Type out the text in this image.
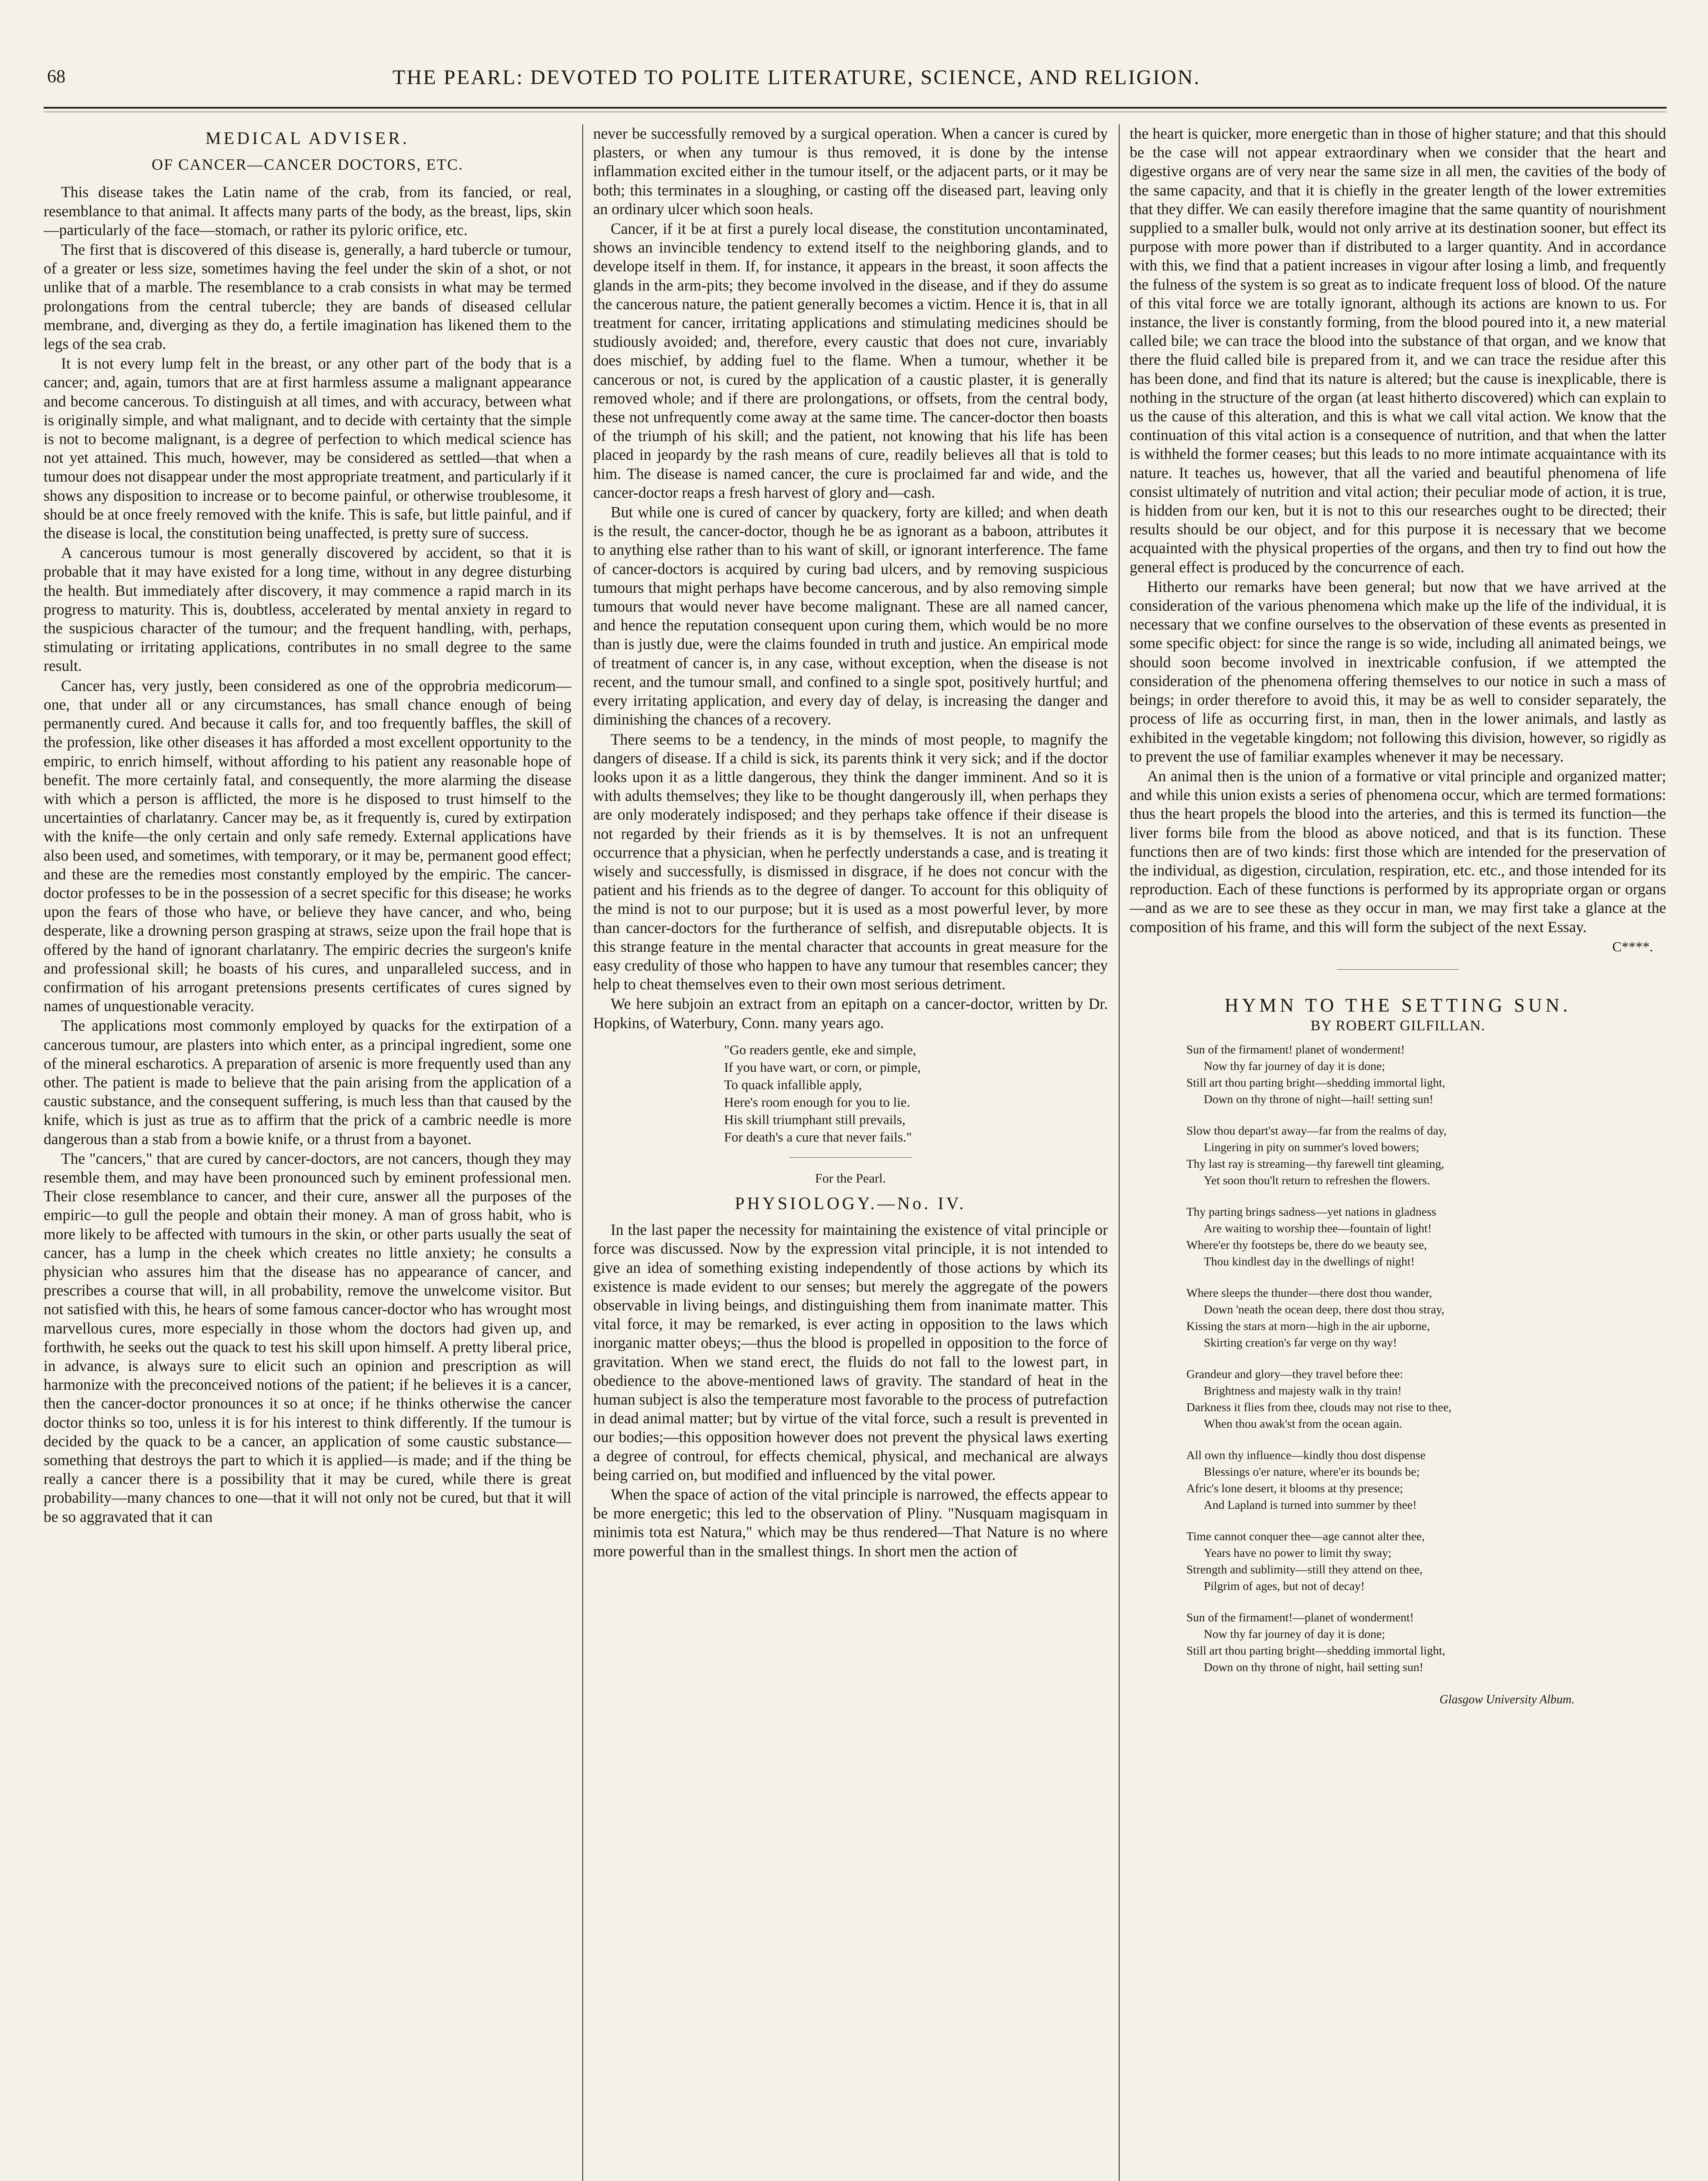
68	THE PEARL: DEVOTED TO POLITE LITERATURE, SCIENCE, AND RELIGION.
MEDICAL ADVISER.
OF CANCER—CANCER DOCTORS, ETC.

This disease takes the Latin name of the crab, from its fancied, or real, resemblance to that animal. It affects many parts of the body, as the breast, lips, skin—particularly of the face—stomach, or rather its pyloric orifice, etc.

The first that is discovered of this disease is, generally, a hard tubercle or tumour, of a greater or less size, sometimes having the feel under the skin of a shot, or not unlike that of a marble. The resemblance to a crab consists in what may be termed prolongations from the central tubercle; they are bands of diseased cellular membrane, and, diverging as they do, a fertile imagination has likened them to the legs of the sea crab.

It is not every lump felt in the breast, or any other part of the body that is a cancer; and, again, tumors that are at first harmless assume a malignant appearance and become cancerous. To distinguish at all times, and with accuracy, between what is originally simple, and what malignant, and to decide with certainty that the simple is not to become malignant, is a degree of perfection to which medical science has not yet attained. This much, however, may be considered as settled—that when a tumour does not disappear under the most appropriate treatment, and particularly if it shows any disposition to increase or to become painful, or otherwise troublesome, it should be at once freely removed with the knife. This is safe, but little painful, and if the disease is local, the constitution being unaffected, is pretty sure of success.

A cancerous tumour is most generally discovered by accident, so that it is probable that it may have existed for a long time, without in any degree disturbing the health. But immediately after discovery, it may commence a rapid march in its progress to maturity. This is, doubtless, accelerated by mental anxiety in regard to the suspicious character of the tumour; and the frequent handling, with, perhaps, stimulating or irritating applications, contributes in no small degree to the same result.

Cancer has, very justly, been considered as one of the opprobria medicorum—one, that under all or any circumstances, has small chance enough of being permanently cured. And because it calls for, and too frequently baffles, the skill of the profession, like other diseases it has afforded a most excellent opportunity to the empiric, to enrich himself, without affording to his patient any reasonable hope of benefit. The more certainly fatal, and consequently, the more alarming the disease with which a person is afflicted, the more is he disposed to trust himself to the uncertainties of charlatanry. Cancer may be, as it frequently is, cured by extirpation with the knife—the only certain and only safe remedy. External applications have also been used, and sometimes, with temporary, or it may be, permanent good effect; and these are the remedies most constantly employed by the empiric. The cancer-doctor professes to be in the possession of a secret specific for this disease; he works upon the fears of those who have, or believe they have cancer, and who, being desperate, like a drowning person grasping at straws, seize upon the frail hope that is offered by the hand of ignorant charlatanry. The empiric decries the surgeon's knife and professional skill; he boasts of his cures, and unparalleled success, and in confirmation of his arrogant pretensions presents certificates of cures signed by names of unquestionable veracity.

The applications most commonly employed by quacks for the extirpation of a cancerous tumour, are plasters into which enter, as a principal ingredient, some one of the mineral escharotics. A preparation of arsenic is more frequently used than any other. The patient is made to believe that the pain arising from the application of a caustic substance, and the consequent suffering, is much less than that caused by the knife, which is just as true as to affirm that the prick of a cambric needle is more dangerous than a stab from a bowie knife, or a thrust from a bayonet.

The "cancers," that are cured by cancer-doctors, are not cancers, though they may resemble them, and may have been pronounced such by eminent professional men. Their close resemblance to cancer, and their cure, answer all the purposes of the empiric—to gull the people and obtain their money. A man of gross habit, who is more likely to be affected with tumours in the skin, or other parts usually the seat of cancer, has a lump in the cheek which creates no little anxiety; he consults a physician who assures him that the disease has no appearance of cancer, and prescribes a course that will, in all probability, remove the unwelcome visitor. But not satisfied with this, he hears of some famous cancer-doctor who has wrought most marvellous cures, more especially in those whom the doctors had given up, and forthwith, he seeks out the quack to test his skill upon himself. A pretty liberal price, in advance, is always sure to elicit such an opinion and prescription as will harmonize with the preconceived notions of the patient; if he believes it is a cancer, then the cancer-doctor pronounces it so at once; if he thinks otherwise the cancer doctor thinks so too, unless it is for his interest to think differently. If the tumour is decided by the quack to be a cancer, an application of some caustic substance—something that destroys the part to which it is applied—is made; and if the thing be really a cancer there is a possibility that it may be cured, while there is great probability—many chances to one—that it will not only not be cured, but that it will be so aggravated that it can

never be successfully removed by a surgical operation. When a cancer is cured by plasters, or when any tumour is thus removed, it is done by the intense inflammation excited either in the tumour itself, or the adjacent parts, or it may be both; this terminates in a sloughing, or casting off the diseased part, leaving only an ordinary ulcer which soon heals.

Cancer, if it be at first a purely local disease, the constitution uncontaminated, shows an invincible tendency to extend itself to the neighboring glands, and to develope itself in them. If, for instance, it appears in the breast, it soon affects the glands in the arm-pits; they become involved in the disease, and if they do assume the cancerous nature, the patient generally becomes a victim. Hence it is, that in all treatment for cancer, irritating applications and stimulating medicines should be studiously avoided; and, therefore, every caustic that does not cure, invariably does mischief, by adding fuel to the flame. When a tumour, whether it be cancerous or not, is cured by the application of a caustic plaster, it is generally removed whole; and if there are prolongations, or offsets, from the central body, these not unfrequently come away at the same time. The cancer-doctor then boasts of the triumph of his skill; and the patient, not knowing that his life has been placed in jeopardy by the rash means of cure, readily believes all that is told to him. The disease is named cancer, the cure is proclaimed far and wide, and the cancer-doctor reaps a fresh harvest of glory and—cash.

But while one is cured of cancer by quackery, forty are killed; and when death is the result, the cancer-doctor, though he be as ignorant as a baboon, attributes it to anything else rather than to his want of skill, or ignorant interference. The fame of cancer-doctors is acquired by curing bad ulcers, and by removing suspicious tumours that might perhaps have become cancerous, and by also removing simple tumours that would never have become malignant. These are all named cancer, and hence the reputation consequent upon curing them, which would be no more than is justly due, were the claims founded in truth and justice. An empirical mode of treatment of cancer is, in any case, without exception, when the disease is not recent, and the tumour small, and confined to a single spot, positively hurtful; and every irritating application, and every day of delay, is increasing the danger and diminishing the chances of a recovery.

There seems to be a tendency, in the minds of most people, to magnify the dangers of disease. If a child is sick, its parents think it very sick; and if the doctor looks upon it as a little dangerous, they think the danger imminent. And so it is with adults themselves; they like to be thought dangerously ill, when perhaps they are only moderately indisposed; and they perhaps take offence if their disease is not regarded by their friends as it is by themselves. It is not an unfrequent occurrence that a physician, when he perfectly understands a case, and is treating it wisely and successfully, is dismissed in disgrace, if he does not concur with the patient and his friends as to the degree of danger. To account for this obliquity of the mind is not to our purpose; but it is used as a most powerful lever, by more than cancer-doctors for the furtherance of selfish, and disreputable objects. It is this strange feature in the mental character that accounts in great measure for the easy credulity of those who happen to have any tumour that resembles cancer; they help to cheat themselves even to their own most serious detriment.

We here subjoin an extract from an epitaph on a cancer-doctor, written by Dr. Hopkins, of Waterbury, Conn. many years ago.

"Go readers gentle, eke and simple,
If you have wart, or corn, or pimple,
To quack infallible apply,
Here's room enough for you to lie.
His skill triumphant still prevails,
For death's a cure that never fails."
For the Pearl.
PHYSIOLOGY.—No. IV.

In the last paper the necessity for maintaining the existence of vital principle or force was discussed. Now by the expression vital principle, it is not intended to give an idea of something existing independently of those actions by which its existence is made evident to our senses; but merely the aggregate of the powers observable in living beings, and distinguishing them from inanimate matter. This vital force, it may be remarked, is ever acting in opposition to the laws which inorganic matter obeys;—thus the blood is propelled in opposition to the force of gravitation. When we stand erect, the fluids do not fall to the lowest part, in obedience to the above-mentioned laws of gravity. The standard of heat in the human subject is also the temperature most favorable to the process of putrefaction in dead animal matter; but by virtue of the vital force, such a result is prevented in our bodies;—this opposition however does not prevent the physical laws exerting a degree of controul, for effects chemical, physical, and mechanical are always being carried on, but modified and influenced by the vital power.

When the space of action of the vital principle is narrowed, the effects appear to be more energetic; this led to the observation of Pliny. "Nusquam magisquam in minimis tota est Natura," which may be thus rendered—That Nature is no where more powerful than in the smallest things. In short men the action of

the heart is quicker, more energetic than in those of higher stature; and that this should be the case will not appear extraordinary when we consider that the heart and digestive organs are of very near the same size in all men, the cavities of the body of the same capacity, and that it is chiefly in the greater length of the lower extremities that they differ. We can easily therefore imagine that the same quantity of nourishment supplied to a smaller bulk, would not only arrive at its destination sooner, but effect its purpose with more power than if distributed to a larger quantity. And in accordance with this, we find that a patient increases in vigour after losing a limb, and frequently the fulness of the system is so great as to indicate frequent loss of blood. Of the nature of this vital force we are totally ignorant, although its actions are known to us. For instance, the liver is constantly forming, from the blood poured into it, a new material called bile; we can trace the blood into the substance of that organ, and we know that there the fluid called bile is prepared from it, and we can trace the residue after this has been done, and find that its nature is altered; but the cause is inexplicable, there is nothing in the structure of the organ (at least hitherto discovered) which can explain to us the cause of this alteration, and this is what we call vital action. We know that the continuation of this vital action is a consequence of nutrition, and that when the latter is withheld the former ceases; but this leads to no more intimate acquaintance with its nature. It teaches us, however, that all the varied and beautiful phenomena of life consist ultimately of nutrition and vital action; their peculiar mode of action, it is true, is hidden from our ken, but it is not to this our researches ought to be directed; their results should be our object, and for this purpose it is necessary that we become acquainted with the physical properties of the organs, and then try to find out how the general effect is produced by the concurrence of each.

Hitherto our remarks have been general; but now that we have arrived at the consideration of the various phenomena which make up the life of the individual, it is necessary that we confine ourselves to the observation of these events as presented in some specific object: for since the range is so wide, including all animated beings, we should soon become involved in inextricable confusion, if we attempted the consideration of the phenomena offering themselves to our notice in such a mass of beings; in order therefore to avoid this, it may be as well to consider separately, the process of life as occurring first, in man, then in the lower animals, and lastly as exhibited in the vegetable kingdom; not following this division, however, so rigidly as to prevent the use of familiar examples whenever it may be necessary.

An animal then is the union of a formative or vital principle and organized matter; and while this union exists a series of phenomena occur, which are termed formations: thus the heart propels the blood into the arteries, and this is termed its function—the liver forms bile from the blood as above noticed, and that is its function. These functions then are of two kinds: first those which are intended for the preservation of the individual, as digestion, circulation, respiration, etc. etc., and those intended for its reproduction. Each of these functions is performed by its appropriate organ or organs—and as we are to see these as they occur in man, we may first take a glance at the composition of his frame, and this will form the subject of the next Essay.

C****.
HYMN TO THE SETTING SUN.
BY ROBERT GILFILLAN.
Sun of the firmament! planet of wonderment!
Now thy far journey of day it is done;
Still art thou parting bright—shedding immortal light,
Down on thy throne of night—hail! setting sun!
Slow thou depart'st away—far from the realms of day,
Lingering in pity on summer's loved bowers;
Thy last ray is streaming—thy farewell tint gleaming,
Yet soon thou'lt return to refreshen the flowers.
Thy parting brings sadness—yet nations in gladness
Are waiting to worship thee—fountain of light!
Where'er thy footsteps be, there do we beauty see,
Thou kindlest day in the dwellings of night!
Where sleeps the thunder—there dost thou wander,
Down 'neath the ocean deep, there dost thou stray,
Kissing the stars at morn—high in the air upborne,
Skirting creation's far verge on thy way!
Grandeur and glory—they travel before thee:
Brightness and majesty walk in thy train!
Darkness it flies from thee, clouds may not rise to thee,
When thou awak'st from the ocean again.
All own thy influence—kindly thou dost dispense
Blessings o'er nature, where'er its bounds be;
Afric's lone desert, it blooms at thy presence;
And Lapland is turned into summer by thee!
Time cannot conquer thee—age cannot alter thee,
Years have no power to limit thy sway;
Strength and sublimity—still they attend on thee,
Pilgrim of ages, but not of decay!
Sun of the firmament!—planet of wonderment!
Now thy far journey of day it is done;
Still art thou parting bright—shedding immortal light,
Down on thy throne of night, hail setting sun!
Glasgow University Album.
